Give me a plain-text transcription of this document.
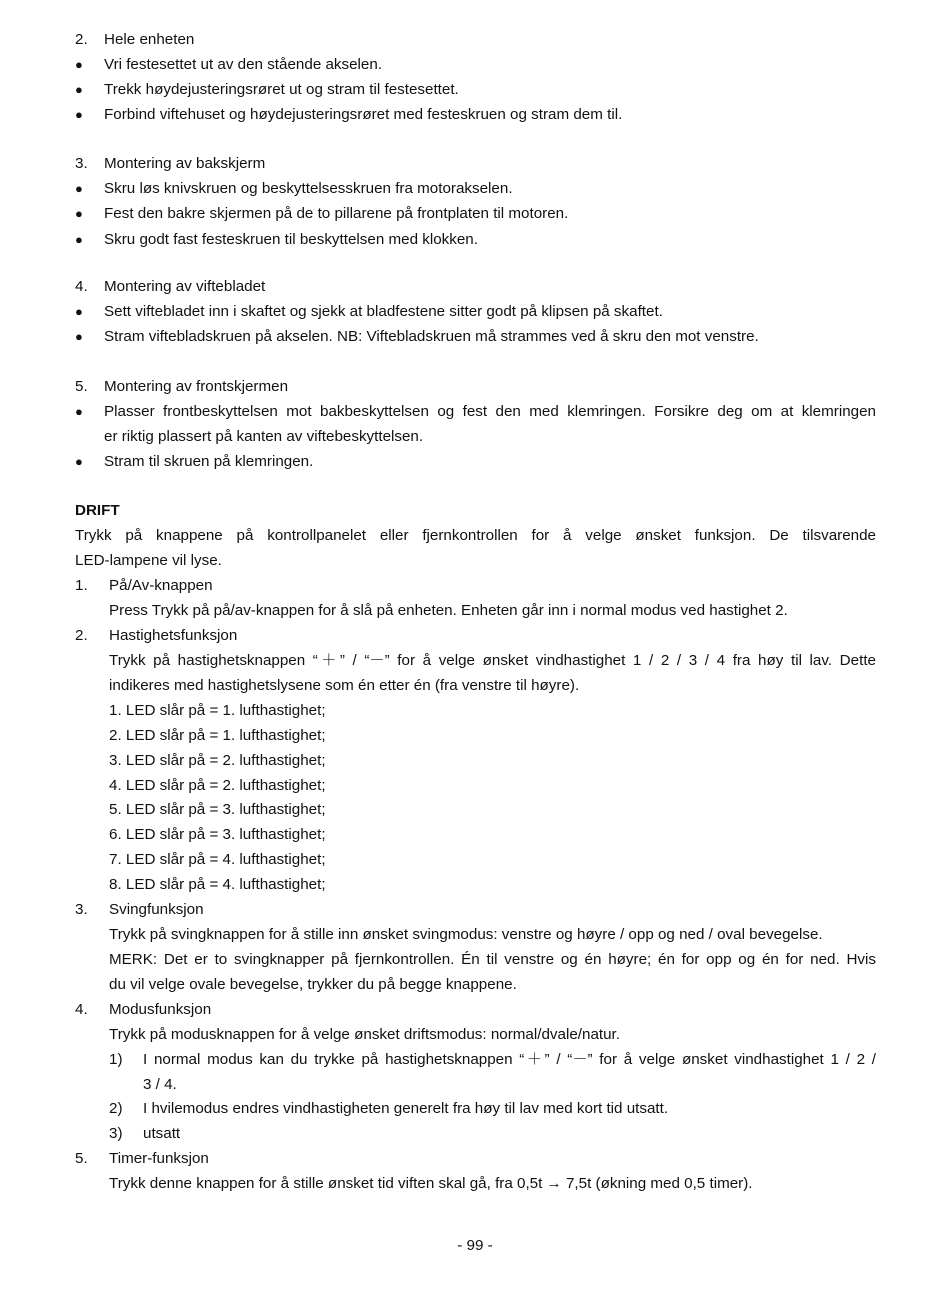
2. Hele enheten
● Vri festesettet ut av den stående akselen.
● Trekk høydejusteringsrøret ut og stram til festesettet.
● Forbind viftehuset og høydejusteringsrøret med festeskruen og stram dem til.
3. Montering av bakskjerm
● Skru løs knivskruen og beskyttelsesskruen fra motorakselen.
● Fest den bakre skjermen på de to pillarene på frontplaten til motoren.
● Skru godt fast festeskruen til beskyttelsen med klokken.
4. Montering av viftebladet
● Sett viftebladet inn i skaftet og sjekk at bladfestene sitter godt på klipsen på skaftet.
● Stram viftebladskruen på akselen. NB: Viftebladskruen må strammes ved å skru den mot venstre.
5. Montering av frontskjermen
● Plasser frontbeskyttelsen mot bakbeskyttelsen og fest den med klemringen. Forsikre deg om at klemringen
er riktig plassert på kanten av viftebeskyttelsen.
● Stram til skruen på klemringen.
DRIFT
Trykk på knappene på kontrollpanelet eller fjernkontrollen for å velge ønsket funksjon. De tilsvarende
LED-lampene vil lyse.
1. På/Av-knappen
Press Trykk på på/av-knappen for å slå på enheten. Enheten går inn i normal modus ved hastighet 2.
2. Hastighetsfunksjon
Trykk på hastighetsknappen “＋” / “－” for å velge ønsket vindhastighet 1 / 2 / 3 / 4 fra høy til lav. Dette
indikeres med hastighetslysene som én etter én (fra venstre til høyre).
1. LED slår på = 1. lufthastighet;
2. LED slår på = 1. lufthastighet;
3. LED slår på = 2. lufthastighet;
4. LED slår på = 2. lufthastighet;
5. LED slår på = 3. lufthastighet;
6. LED slår på = 3. lufthastighet;
7. LED slår på = 4. lufthastighet;
8. LED slår på = 4. lufthastighet;
3. Svingfunksjon
Trykk på svingknappen for å stille inn ønsket svingmodus: venstre og høyre / opp og ned / oval bevegelse.
MERK: Det er to svingknapper på fjernkontrollen. Én til venstre og én høyre; én for opp og én for ned. Hvis
du vil velge ovale bevegelse, trykker du på begge knappene.
4. Modusfunksjon
Trykk på modusknappen for å velge ønsket driftsmodus: normal/dvale/natur.
1) I normal modus kan du trykke på hastighetsknappen “＋” / “－” for å velge ønsket vindhastighet 1 / 2 /
3 / 4.
2) I hvilemodus endres vindhastigheten generelt fra høy til lav med kort tid utsatt.
3) utsatt
5. Timer-funksjon
Trykk denne knappen for å stille ønsket tid viften skal gå, fra 0,5t → 7,5t (økning med 0,5 timer).
- 99 -
